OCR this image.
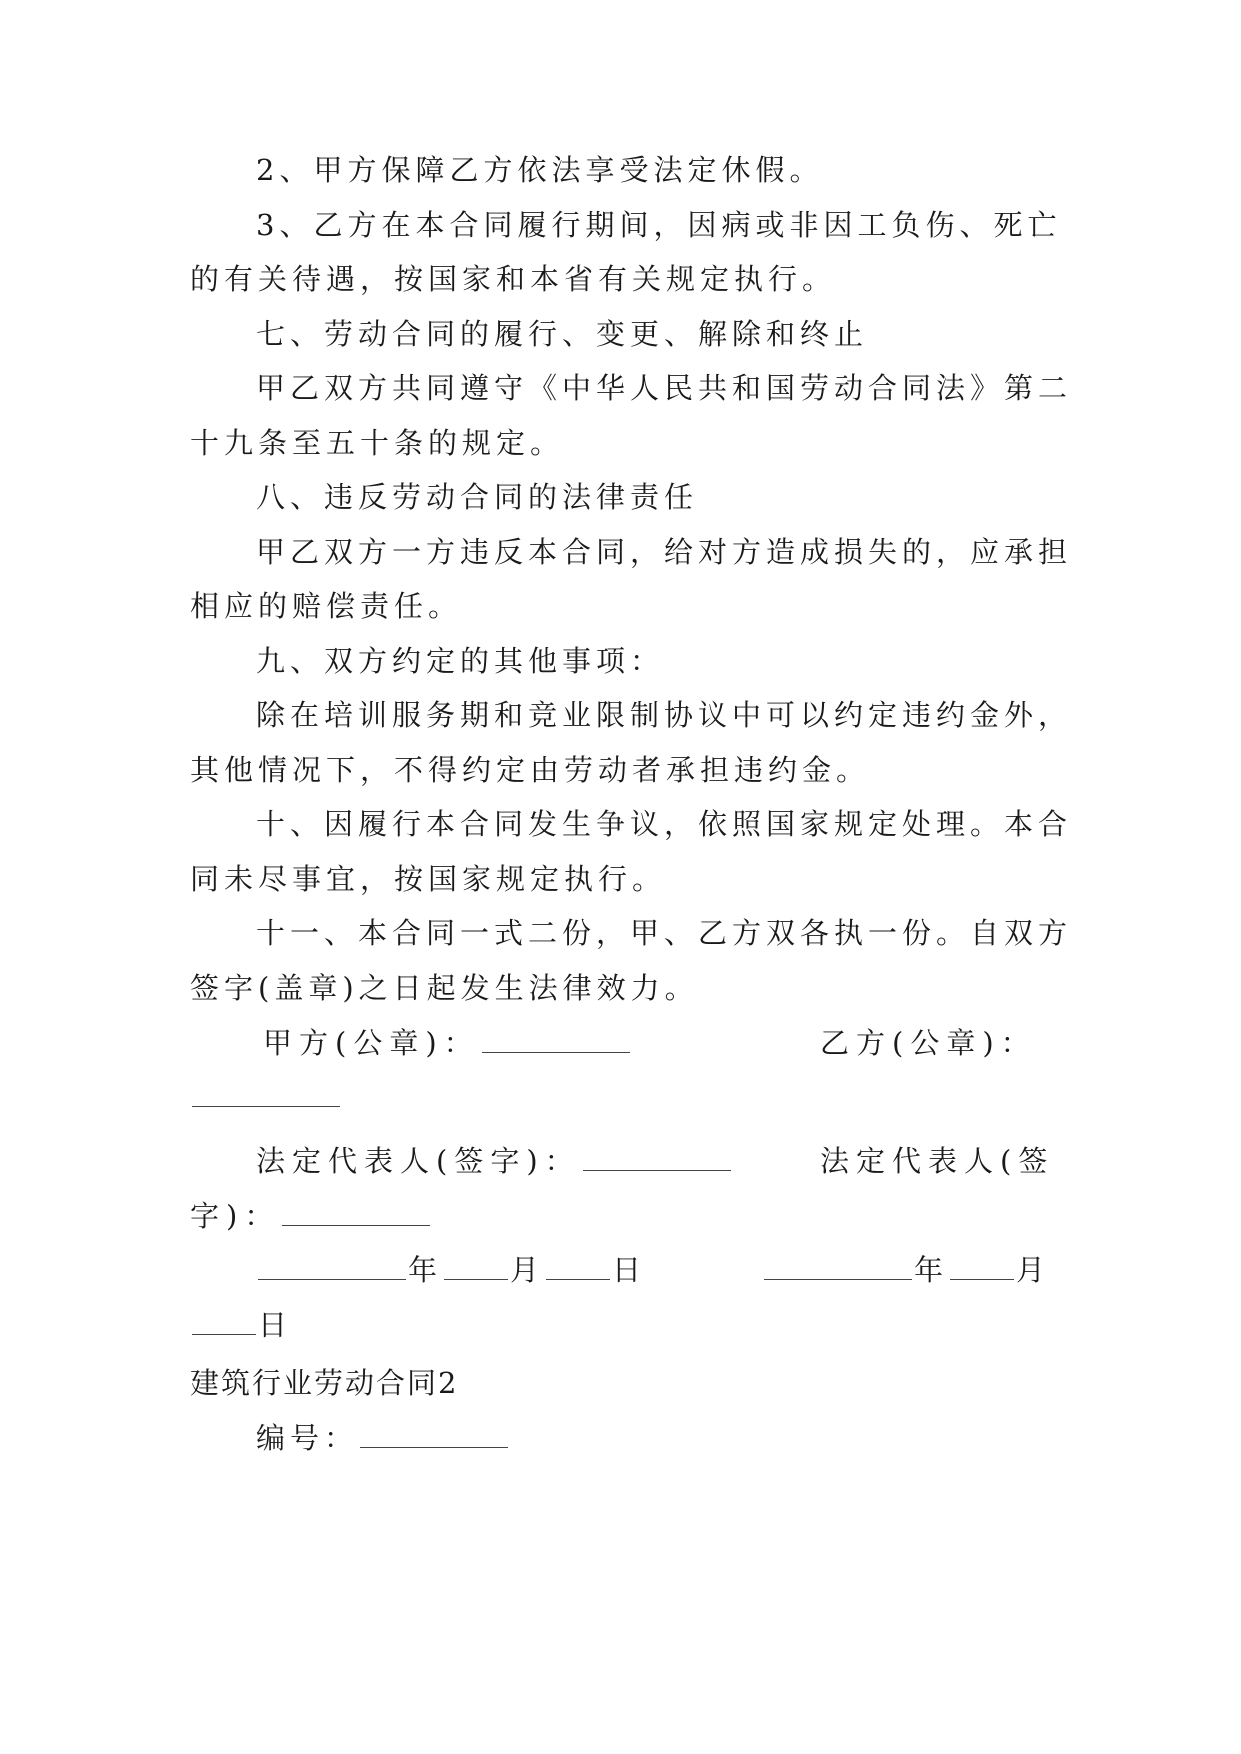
2、甲方保障乙方依法享受法定休假。
3、乙方在本合同履行期间，因病或非因工负伤、死亡
的有关待遇，按国家和本省有关规定执行。
七、劳动合同的履行、变更、解除和终止
甲乙双方共同遵守《中华人民共和国劳动合同法》第二
十九条至五十条的规定。
八、违反劳动合同的法律责任
甲乙双方一方违反本合同，给对方造成损失的，应承担
相应的赔偿责任。
九、双方约定的其他事项：
除在培训服务期和竞业限制协议中可以约定违约金外，
其他情况下，不得约定由劳动者承担违约金。
十、因履行本合同发生争议，依照国家规定处理。本合
同未尽事宜，按国家规定执行。
十一、本合同一式二份，甲、乙方双各执一份。自双方
签字(盖章)之日起发生法律效力。
甲方(公章)：	乙方(公章)：
法定代表人(签字)：	法定代表人(签
字)：
年 月 日	年 月
日
建筑行业劳动合同2
编号：
